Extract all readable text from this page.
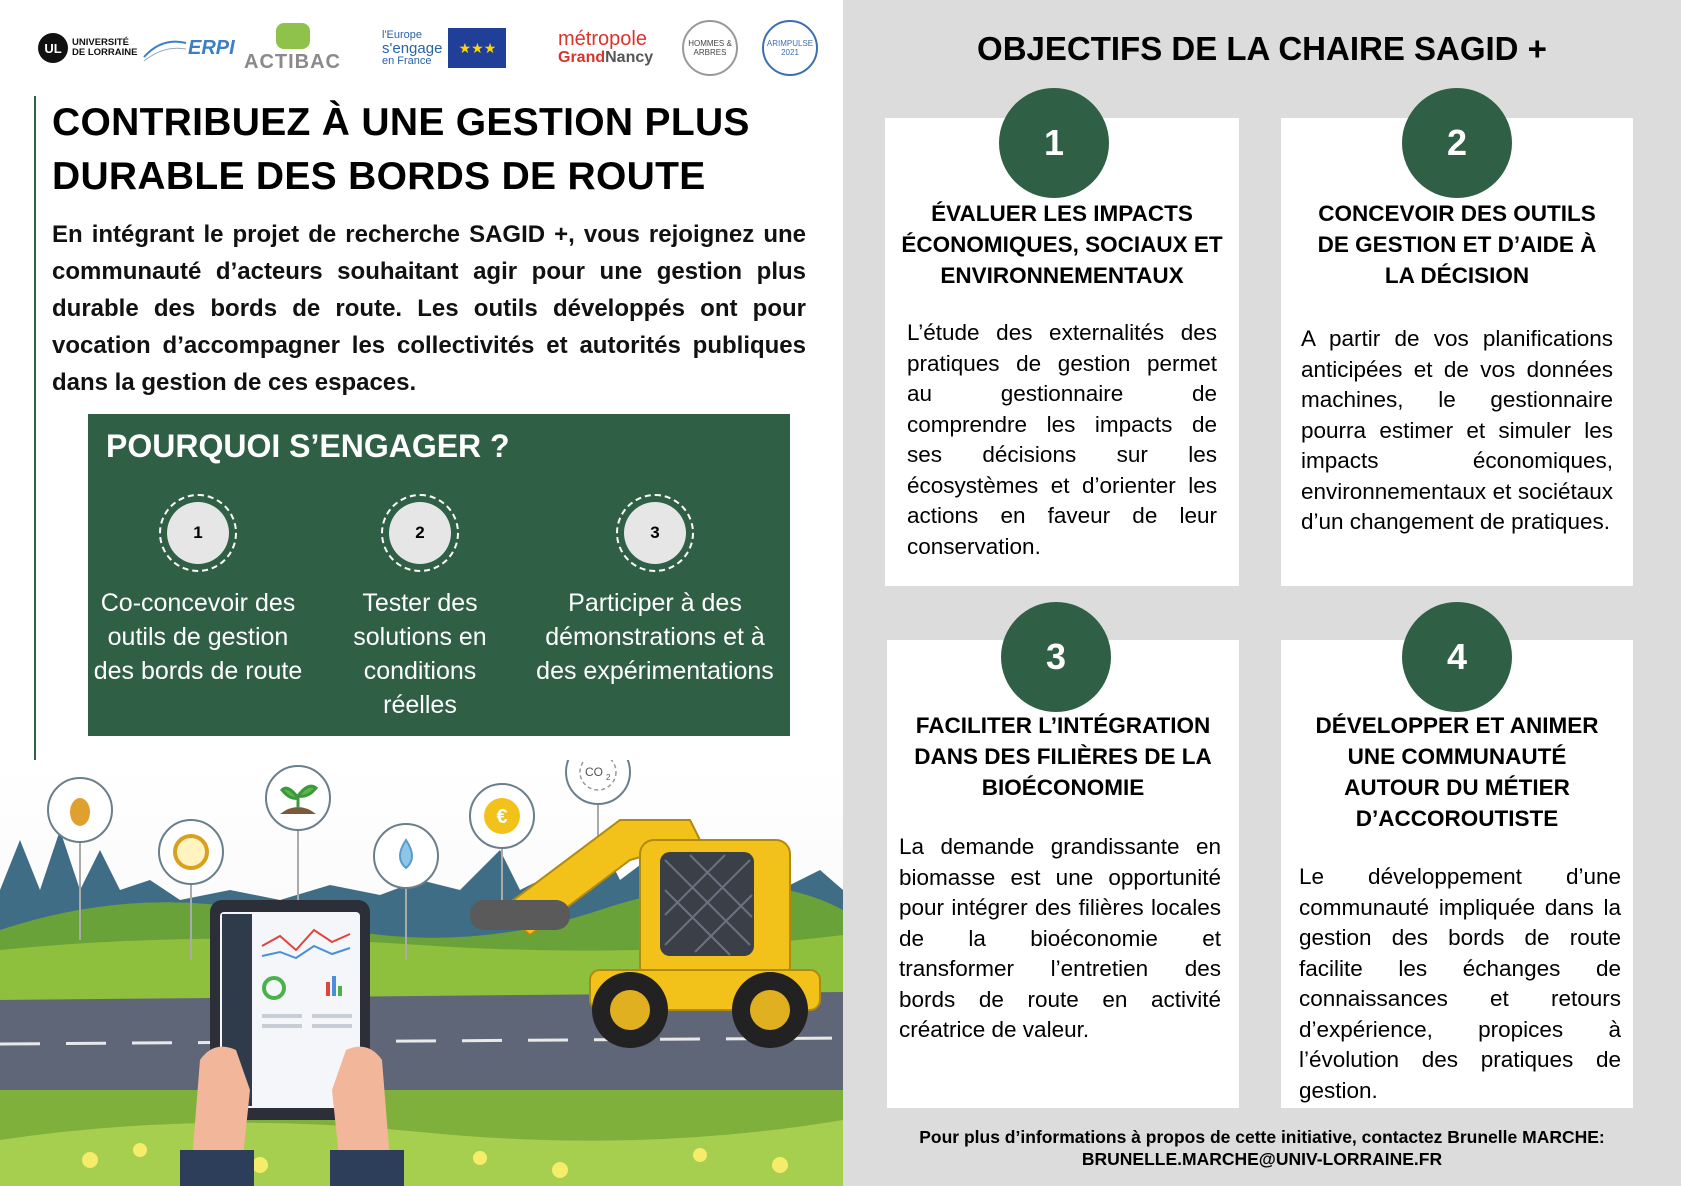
UL	UNIVERSITÉ
DE LORRAINE	ERPI
ACTIBAC
l'Europe
s'engage
en France
★★★	métropole
GrandNancy
HOMMES & ARBRES
ARIMPULSE 2021
CONTRIBUEZ À UNE GESTION PLUS
DURABLE DES BORDS DE ROUTE
En intégrant le projet de recherche SAGID +, vous rejoignez une communauté d’acteurs souhaitant agir pour une gestion plus durable des bords de route. Les outils développés ont pour vocation d’accompagner les collectivités et autorités publiques dans la gestion de ces espaces.
POURQUOI S’ENGAGER ?
1
Co-concevoir des outils de gestion des bords de route
2
Tester des solutions en conditions réelles
3
Participer à des démonstrations et à des expérimentations
€
CO 2
OBJECTIFS DE LA CHAIRE SAGID +
1
ÉVALUER LES IMPACTS ÉCONOMIQUES, SOCIAUX ET ENVIRONNEMENTAUX
L’étude des externalités des pratiques de gestion permet au gestionnaire de comprendre les impacts de ses décisions sur les écosystèmes et d’orienter les actions en faveur de leur conservation.
2
CONCEVOIR DES OUTILS DE GESTION ET D’AIDE À LA DÉCISION
A partir de vos planifications anticipées et de vos données machines, le gestionnaire pourra estimer et simuler les impacts économiques, environnementaux et sociétaux d’un changement de pratiques.
3
FACILITER L’INTÉGRATION DANS DES FILIÈRES DE LA BIOÉCONOMIE
La demande grandissante en biomasse est une opportunité pour intégrer des filières locales de la bioéconomie et transformer l’entretien des bords de route en activité créatrice de valeur.
4
DÉVELOPPER ET ANIMER UNE COMMUNAUTÉ AUTOUR DU MÉTIER D’ACCOROUTISTE
Le développement d’une communauté impliquée dans la gestion des bords de route facilite les échanges de connaissances et retours d’expérience, propices à l’évolution des pratiques de gestion.
Pour plus d’informations à propos de cette initiative, contactez Brunelle MARCHE:
BRUNELLE.MARCHE@UNIV-LORRAINE.FR
